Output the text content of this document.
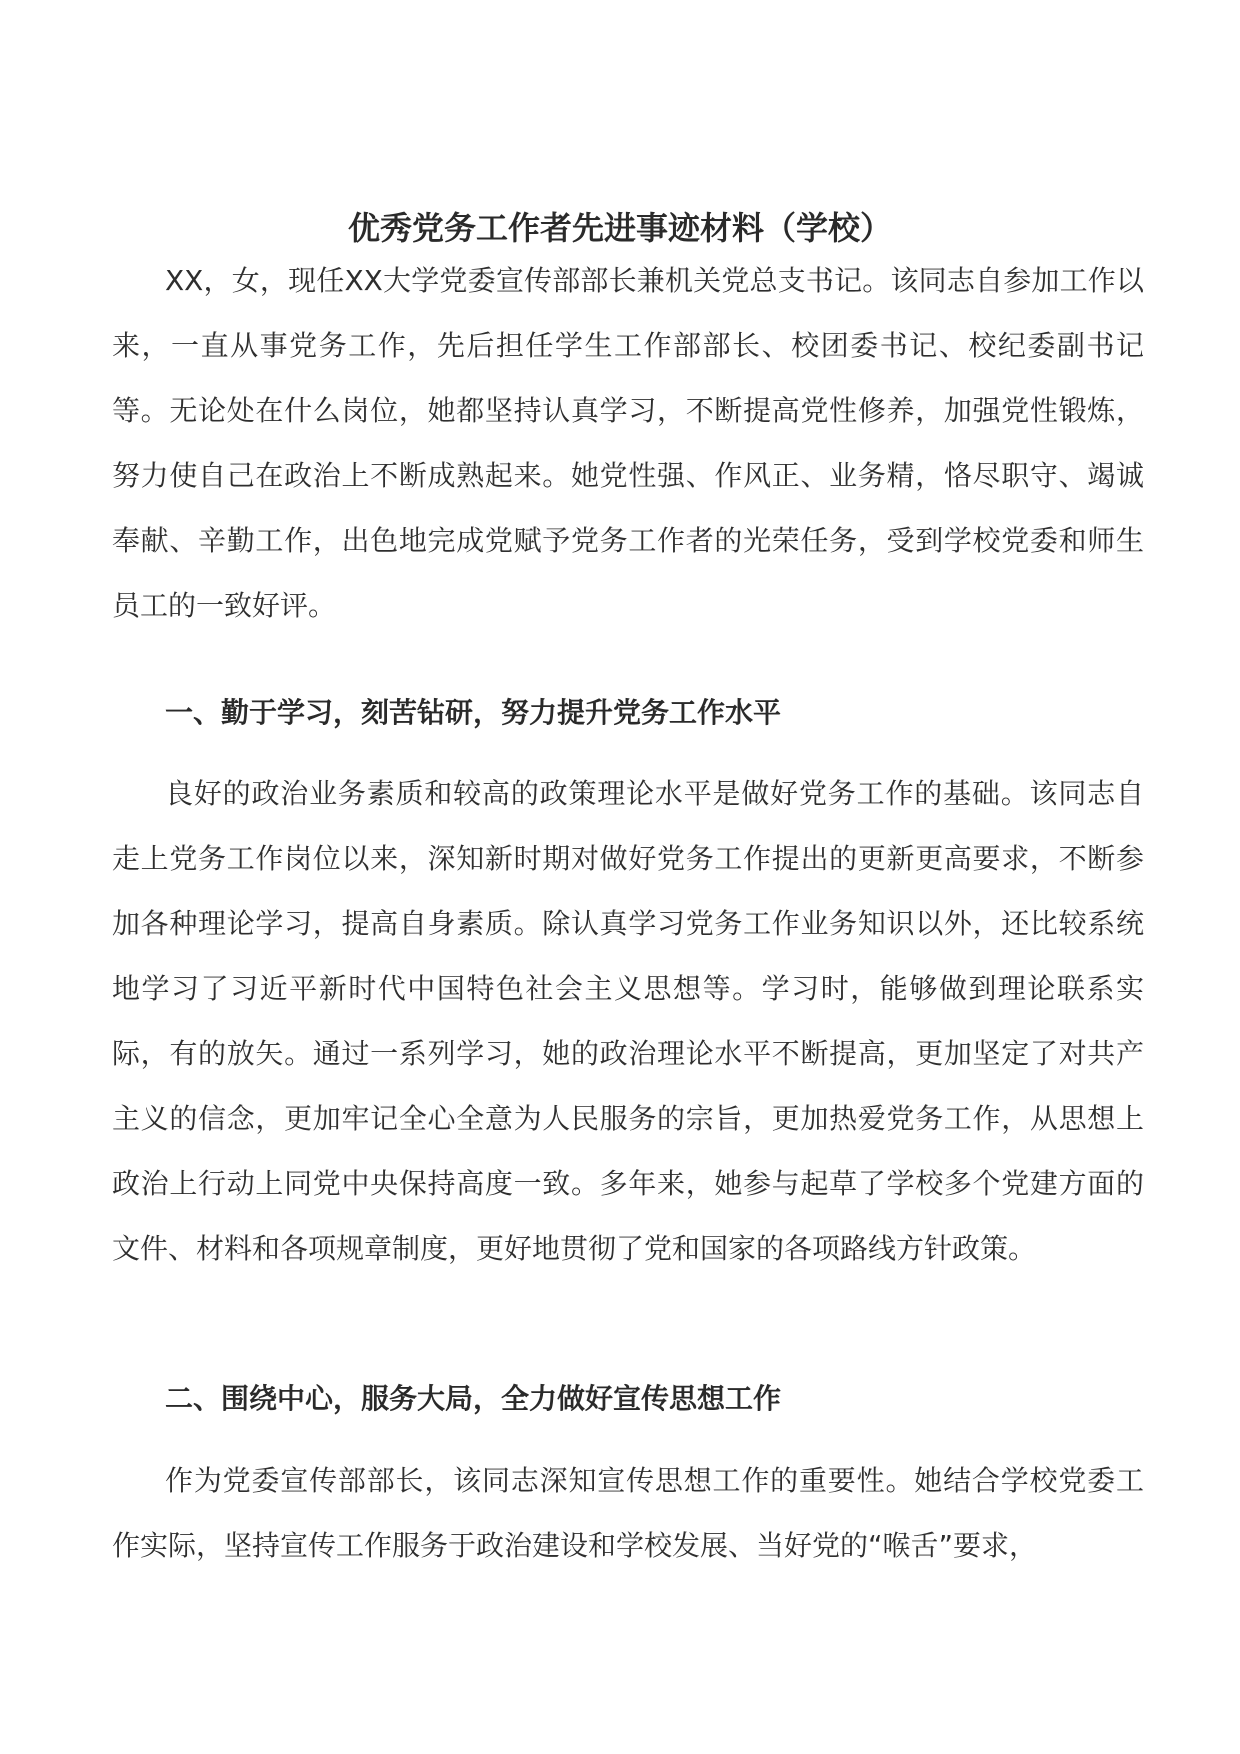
优秀党务工作者先进事迹材料（学校）

XX，女，现任XX大学党委宣传部部长兼机关党总支书记。该同志自参加工作以来，一直从事党务工作，先后担任学生工作部部长、校团委书记、校纪委副书记等。无论处在什么岗位，她都坚持认真学习，不断提高党性修养，加强党性锻炼，努力使自己在政治上不断成熟起来。她党性强、作风正、业务精，恪尽职守、竭诚奉献、辛勤工作，出色地完成党赋予党务工作者的光荣任务，受到学校党委和师生员工的一致好评。

一、勤于学习，刻苦钻研，努力提升党务工作水平

良好的政治业务素质和较高的政策理论水平是做好党务工作的基础。该同志自走上党务工作岗位以来，深知新时期对做好党务工作提出的更新更高要求，不断参加各种理论学习，提高自身素质。除认真学习党务工作业务知识以外，还比较系统地学习了习近平新时代中国特色社会主义思想等。学习时，能够做到理论联系实际，有的放矢。通过一系列学习，她的政治理论水平不断提高，更加坚定了对共产主义的信念，更加牢记全心全意为人民服务的宗旨，更加热爱党务工作，从思想上政治上行动上同党中央保持高度一致。多年来，她参与起草了学校多个党建方面的文件、材料和各项规章制度，更好地贯彻了党和国家的各项路线方针政策。

二、围绕中心，服务大局，全力做好宣传思想工作

作为党委宣传部部长，该同志深知宣传思想工作的重要性。她结合学校党委工作实际，坚持宣传工作服务于政治建设和学校发展、当好党的“喉舌”要求，
